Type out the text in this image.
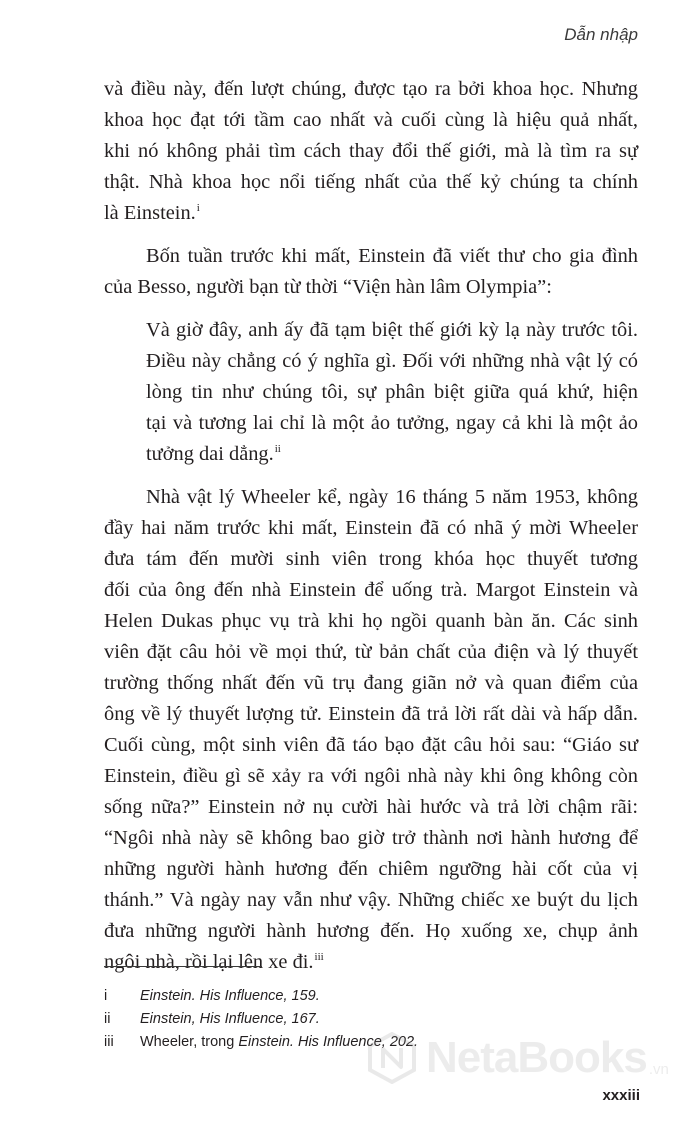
Dẫn nhập

và điều này, đến lượt chúng, được tạo ra bởi khoa học. Nhưng
khoa học đạt tới tầm cao nhất và cuối cùng là hiệu quả nhất,
khi nó không phải tìm cách thay đổi thế giới, mà là tìm ra sự
thật. Nhà khoa học nổi tiếng nhất của thế kỷ chúng ta chính
là Einstein.$^i$

Bốn tuần trước khi mất, Einstein đã viết thư cho gia đình
của Besso, người bạn từ thời “Viện hàn lâm Olympia”:

Và giờ đây, anh ấy đã tạm biệt thế giới kỳ lạ này trước tôi.
Điều này chẳng có ý nghĩa gì. Đối với những nhà vật lý có
lòng tin như chúng tôi, sự phân biệt giữa quá khứ, hiện
tại và tương lai chỉ là một ảo tưởng, ngay cả khi là một ảo
tưởng dai dẳng.$^{ii}$

Nhà vật lý Wheeler kể, ngày 16 tháng 5 năm 1953, không
đầy hai năm trước khi mất, Einstein đã có nhã ý mời Wheeler
đưa tám đến mười sinh viên trong khóa học thuyết tương
đối của ông đến nhà Einstein để uống trà. Margot Einstein và
Helen Dukas phục vụ trà khi họ ngồi quanh bàn ăn. Các sinh
viên đặt câu hỏi về mọi thứ, từ bản chất của điện và lý thuyết
trường thống nhất đến vũ trụ đang giãn nở và quan điểm của
ông về lý thuyết lượng tử. Einstein đã trả lời rất dài và hấp dẫn.
Cuối cùng, một sinh viên đã táo bạo đặt câu hỏi sau: “Giáo sư
Einstein, điều gì sẽ xảy ra với ngôi nhà này khi ông không còn
sống nữa?” Einstein nở nụ cười hài hước và trả lời chậm rãi:
“Ngôi nhà này sẽ không bao giờ trở thành nơi hành hương để
những người hành hương đến chiêm ngưỡng hài cốt của vị
thánh.” Và ngày nay vẫn như vậy. Những chiếc xe buýt du lịch
đưa những người hành hương đến. Họ xuống xe, chụp ảnh
ngôi nhà, rồi lại lên xe đi.$^{iii}$

i	Einstein. His Influence, 159.
ii	Einstein, His Influence, 167.
iii	Wheeler, trong Einstein. His Influence, 202. NetaBooks .vn
xxxiii
